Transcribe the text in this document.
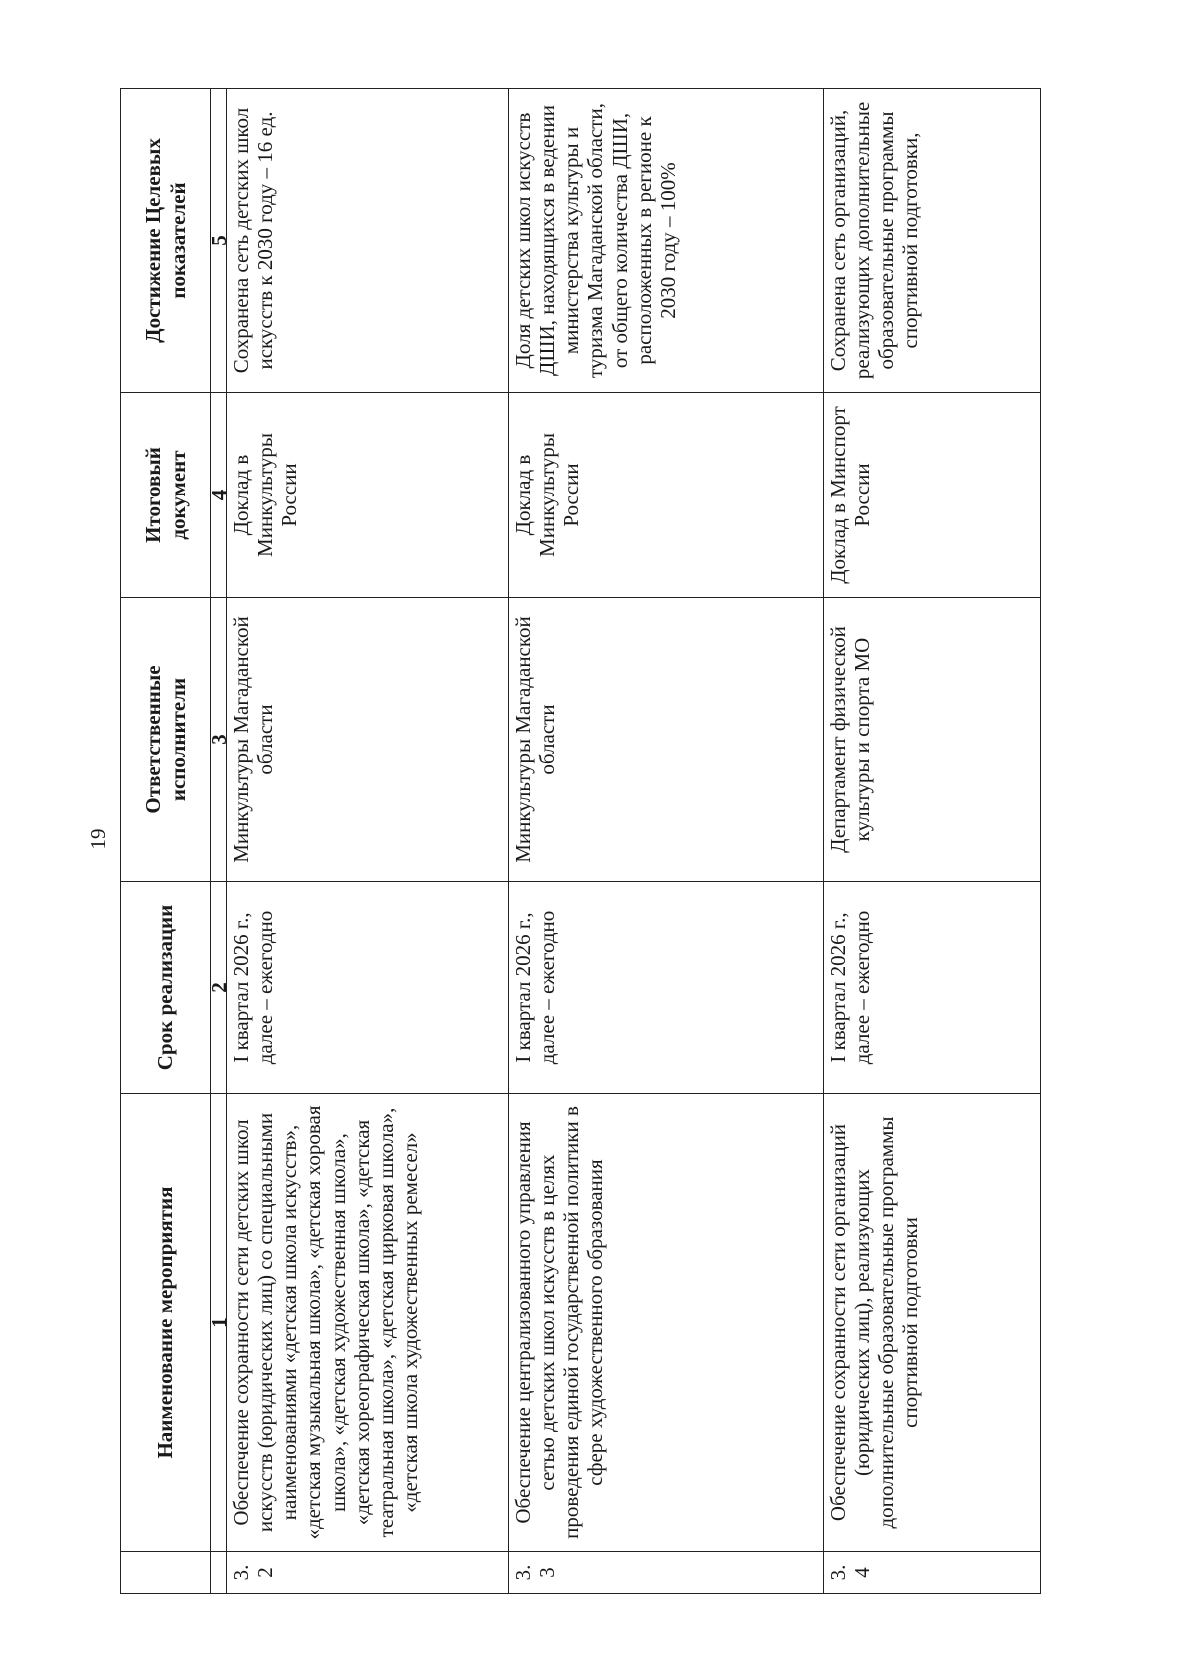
19
	Наименование мероприятия	Срок реализации	Ответственные исполнители	Итоговый документ	Достижение Целевых показателей
	1	2	3	4	5
3.2	Обеспечение сохранности сети детских школ искусств (юридических лиц) со специальными наименованиями «детская школа искусств», «детская музыкальная школа», «детская хоровая школа», «детская художественная школа», «детская хореографическая школа», «детская театральная школа», «детская цирковая школа», «детская школа художественных ремесел»	I квартал 2026 г., далее – ежегодно	Минкультуры Магаданской области	Доклад в Минкультуры России	Сохранена сеть детских школ искусств к 2030 году – 16 ед.
3.3	Обеспечение централизованного управления сетью детских школ искусств в целях проведения единой государственной политики в сфере художественного образования	I квартал 2026 г., далее – ежегодно	Минкультуры Магаданской области	Доклад в Минкультуры России	Доля детских школ искусств ДШИ, находящихся в ведении министерства культуры и туризма Магаданской области, от общего количества ДШИ, расположенных в регионе к 2030 году – 100%
3.4	Обеспечение сохранности сети организаций (юридических лиц), реализующих дополнительные образовательные программы спортивной подготовки	I квартал 2026 г., далее – ежегодно	Департамент физической культуры и спорта МО	Доклад в Минспорт России	Сохранена сеть организаций, реализующих дополнительные образовательные программы спортивной подготовки,
